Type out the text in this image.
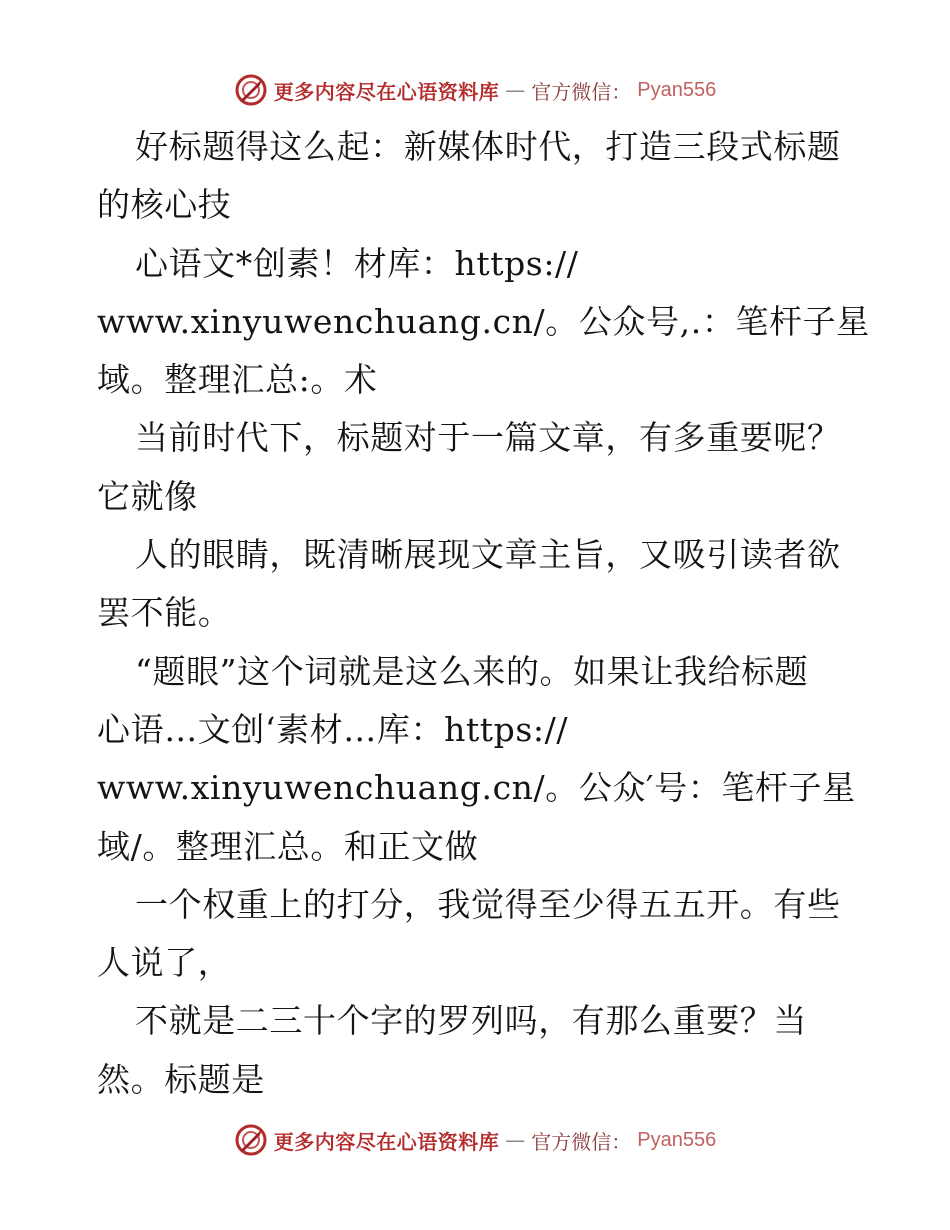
更多内容尽在心语资料库 — 官方微信： Pyan556
好标题得这么起：新媒体时代，打造三段式标题
的核心技
心语文*创素！材库：https://
www.xinyuwenchuang.cn/。公众号,.：笔杆子星
域。整理汇总:。术
当前时代下，标题对于一篇文章，有多重要呢？
它就像
人的眼睛，既清晰展现文章主旨，又吸引读者欲
罢不能。
“题眼”这个词就是这么来的。如果让我给标题
心语…文创‘素材…库：https://
www.xinyuwenchuang.cn/。公众′号：笔杆子星
域/。整理汇总。和正文做
一个权重上的打分，我觉得至少得五五开。有些
人说了，
不就是二三十个字的罗列吗，有那么重要？当
然。标题是
更多内容尽在心语资料库 — 官方微信： Pyan556
